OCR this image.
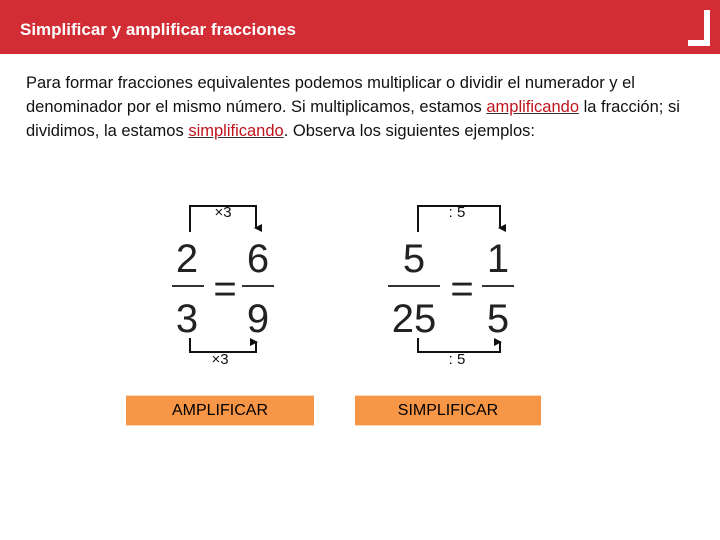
Simplificar y amplificar fracciones
Para formar fracciones equivalentes podemos multiplicar o dividir el numerador y el denominador por el mismo número. Si multiplicamos, estamos amplificando la fracción; si dividimos, la estamos simplificando. Observa los siguientes ejemplos:
×3
2
3
=
6
9
×3
: 5
5
25
=
1
5
: 5
AMPLIFICAR	SIMPLIFICAR
